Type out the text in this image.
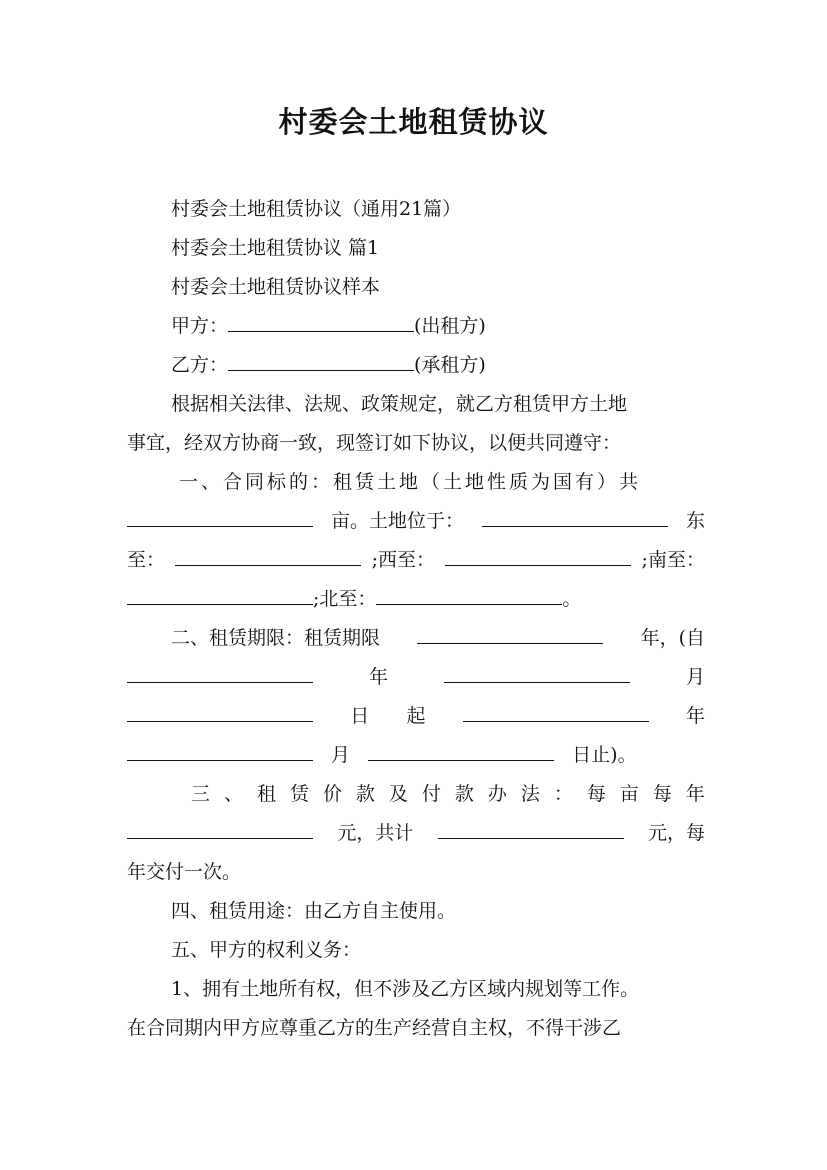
村委会土地租赁协议
村委会土地租赁协议（通用21篇）
村委会土地租赁协议 篇1
村委会土地租赁协议样本
甲方：	(出租方)
乙方：	(承租方)
根据相关法律、法规、政策规定，就乙方租赁甲方土地
事宜，经双方协商一致，现签订如下协议，以便共同遵守：
一、合同标的：租赁土地（土地性质为国有）共
亩。土地位于：	东
至：	;西至：	;南至：
;北至：	。
二、租赁期限：租赁期限	年，(自
年	月
日 起	年
月	日止)。
三 、 租 赁 价 款 及 付 款 办 法 ： 每 亩 每 年
元，共计	元，每
年交付一次。
四、租赁用途：由乙方自主使用。
五、甲方的权利义务：
1、拥有土地所有权，但不涉及乙方区域内规划等工作。
在合同期内甲方应尊重乙方的生产经营自主权，不得干涉乙
